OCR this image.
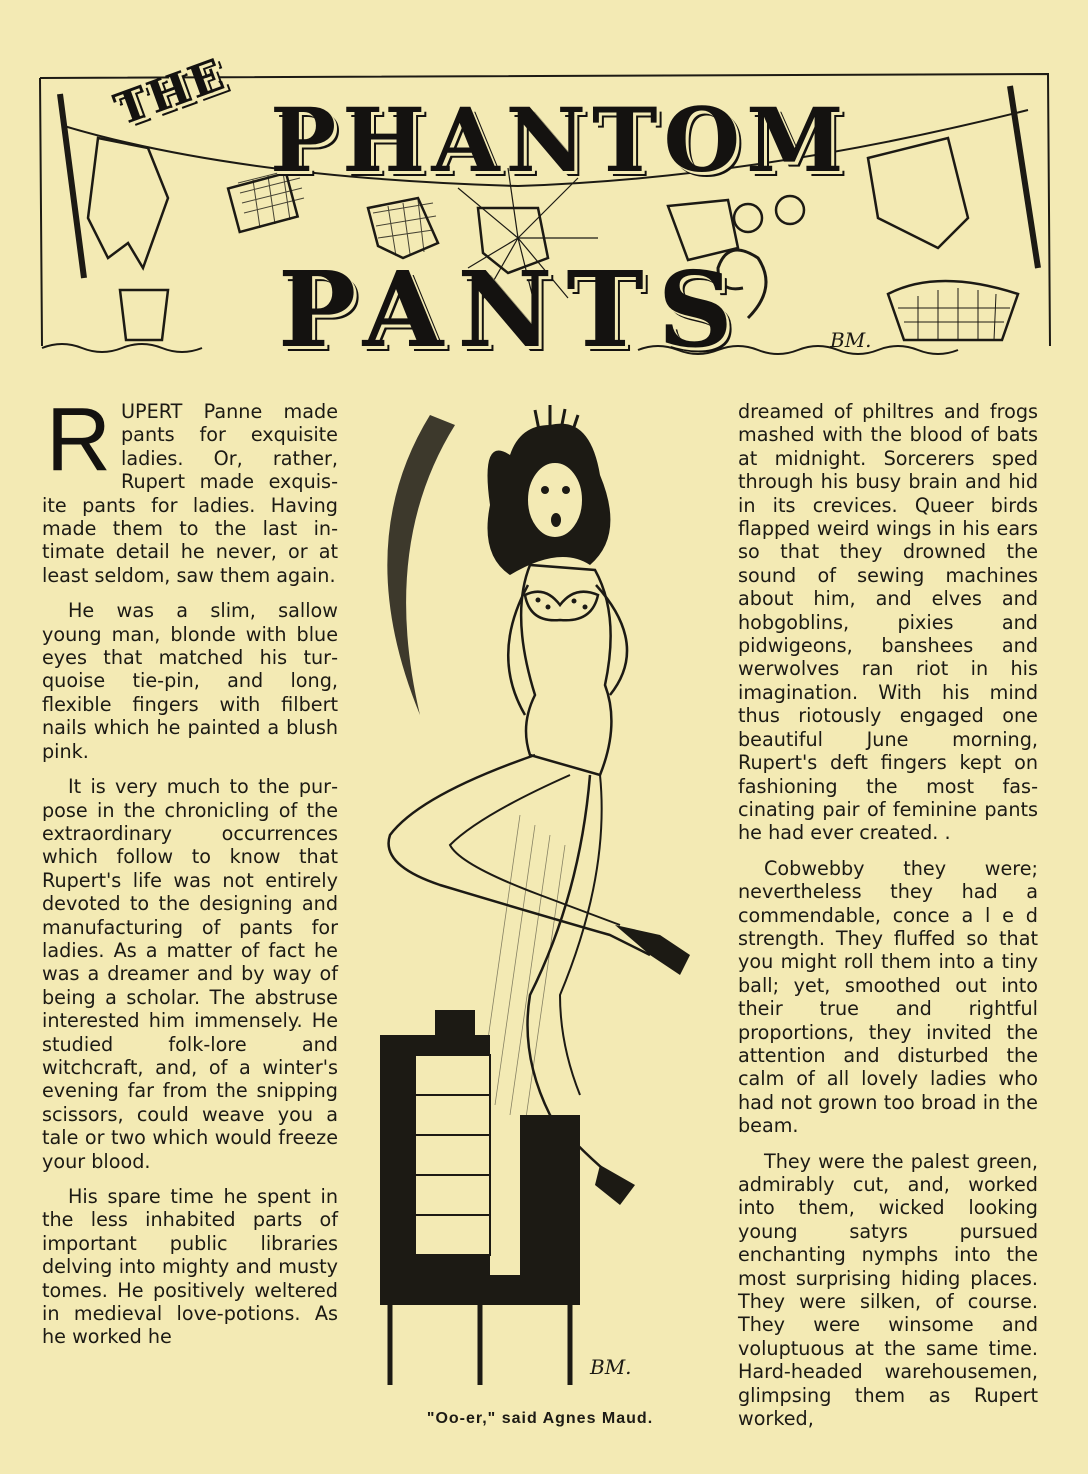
THE PHANTOM
PANTS	BM.

RUPERT Panne made pants for exquisite ladies. Or, rather, Rupert made exquisite pants for ladies. Having made them to the last intimate detail he never, or at least seldom, saw them again.

He was a slim, sallow young man, blonde with blue eyes that matched his turquoise tie-pin, and long, flexible fingers with filbert nails which he painted a blush pink.

It is very much to the purpose in the chronicling of the extraordinary occurrences which follow to know that Rupert's life was not entirely devoted to the designing and manufacturing of pants for ladies. As a matter of fact he was a dreamer and by way of being a scholar. The abstruse interested him immensely. He studied folk-lore and witchcraft, and, of a winter's evening far from the snipping scissors, could weave you a tale or two which would freeze your blood.

His spare time he spent in the less inhabited parts of important public libraries delving into mighty and musty tomes. He positively weltered in medieval love-potions. As he worked he

BM.
"Oo-er," said Agnes Maud.

dreamed of philtres and frogs mashed with the blood of bats at midnight. Sorcerers sped through his busy brain and hid in its crevices. Queer birds flapped weird wings in his ears so that they drowned the sound of sewing machines about him, and elves and hobgoblins, pixies and pidwigeons, banshees and werwolves ran riot in his imagination. With his mind thus riotously engaged one beautiful June morning, Rupert's deft fingers kept on fashioning the most fascinating pair of feminine pants he had ever created. .

Cobwebby they were; nevertheless they had a commendable, conce a l e d strength. They fluffed so that you might roll them into a tiny ball; yet, smoothed out into their true and rightful proportions, they invited the attention and disturbed the calm of all lovely ladies who had not grown too broad in the beam.

They were the palest green, admirably cut, and, worked into them, wicked looking young satyrs pursued enchanting nymphs into the most surprising hiding places. They were silken, of course. They were winsome and voluptuous at the same time. Hard-headed warehousemen, glimpsing them as Rupert worked,
